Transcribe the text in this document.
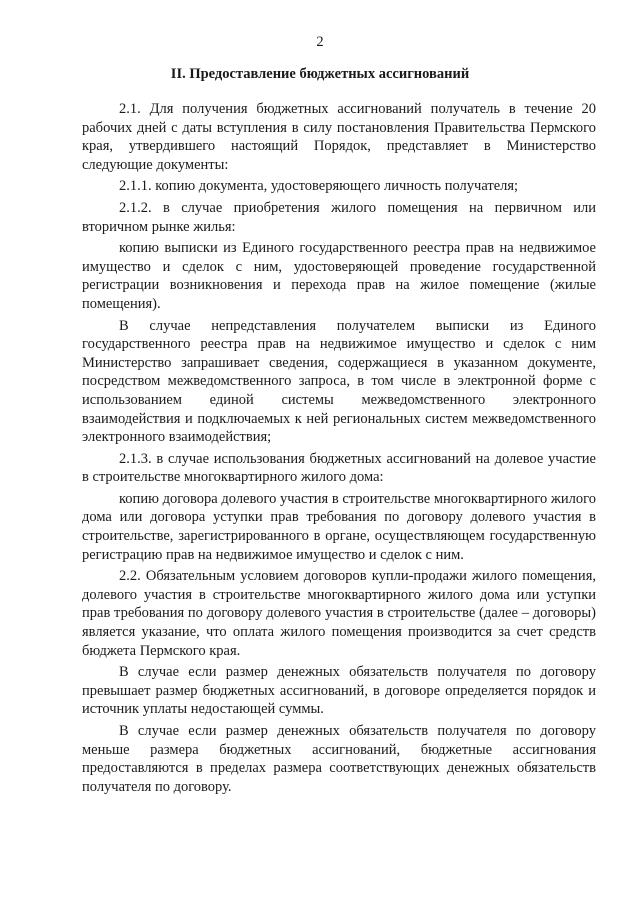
2
II. Предоставление бюджетных ассигнований

2.1. Для получения бюджетных ассигнований получатель в течение 20 рабочих дней с даты вступления в силу постановления Правительства Пермского края, утвердившего настоящий Порядок, представляет в Министерство следующие документы:

2.1.1. копию документа, удостоверяющего личность получателя;

2.1.2. в случае приобретения жилого помещения на первичном или вторичном рынке жилья:

копию выписки из Единого государственного реестра прав на недвижимое имущество и сделок с ним, удостоверяющей проведение государственной регистрации возникновения и перехода прав на жилое помещение (жилые помещения).

В случае непредставления получателем выписки из Единого государственного реестра прав на недвижимое имущество и сделок с ним Министерство запрашивает сведения, содержащиеся в указанном документе, посредством межведомственного запроса, в том числе в электронной форме с использованием единой системы межведомственного электронного взаимодействия и подключаемых к ней региональных систем межведомственного электронного взаимодействия;

2.1.3. в случае использования бюджетных ассигнований на долевое участие в строительстве многоквартирного жилого дома:

копию договора долевого участия в строительстве многоквартирного жилого дома или договора уступки прав требования по договору долевого участия в строительстве, зарегистрированного в органе, осуществляющем государственную регистрацию прав на недвижимое имущество и сделок с ним.

2.2. Обязательным условием договоров купли-продажи жилого помещения, долевого участия в строительстве многоквартирного жилого дома или уступки прав требования по договору долевого участия в строительстве (далее – договоры) является указание, что оплата жилого помещения производится за счет средств бюджета Пермского края.

В случае если размер денежных обязательств получателя по договору превышает размер бюджетных ассигнований, в договоре определяется порядок и источник уплаты недостающей суммы.

В случае если размер денежных обязательств получателя по договору меньше размера бюджетных ассигнований, бюджетные ассигнования предоставляются в пределах размера соответствующих денежных обязательств получателя по договору.
